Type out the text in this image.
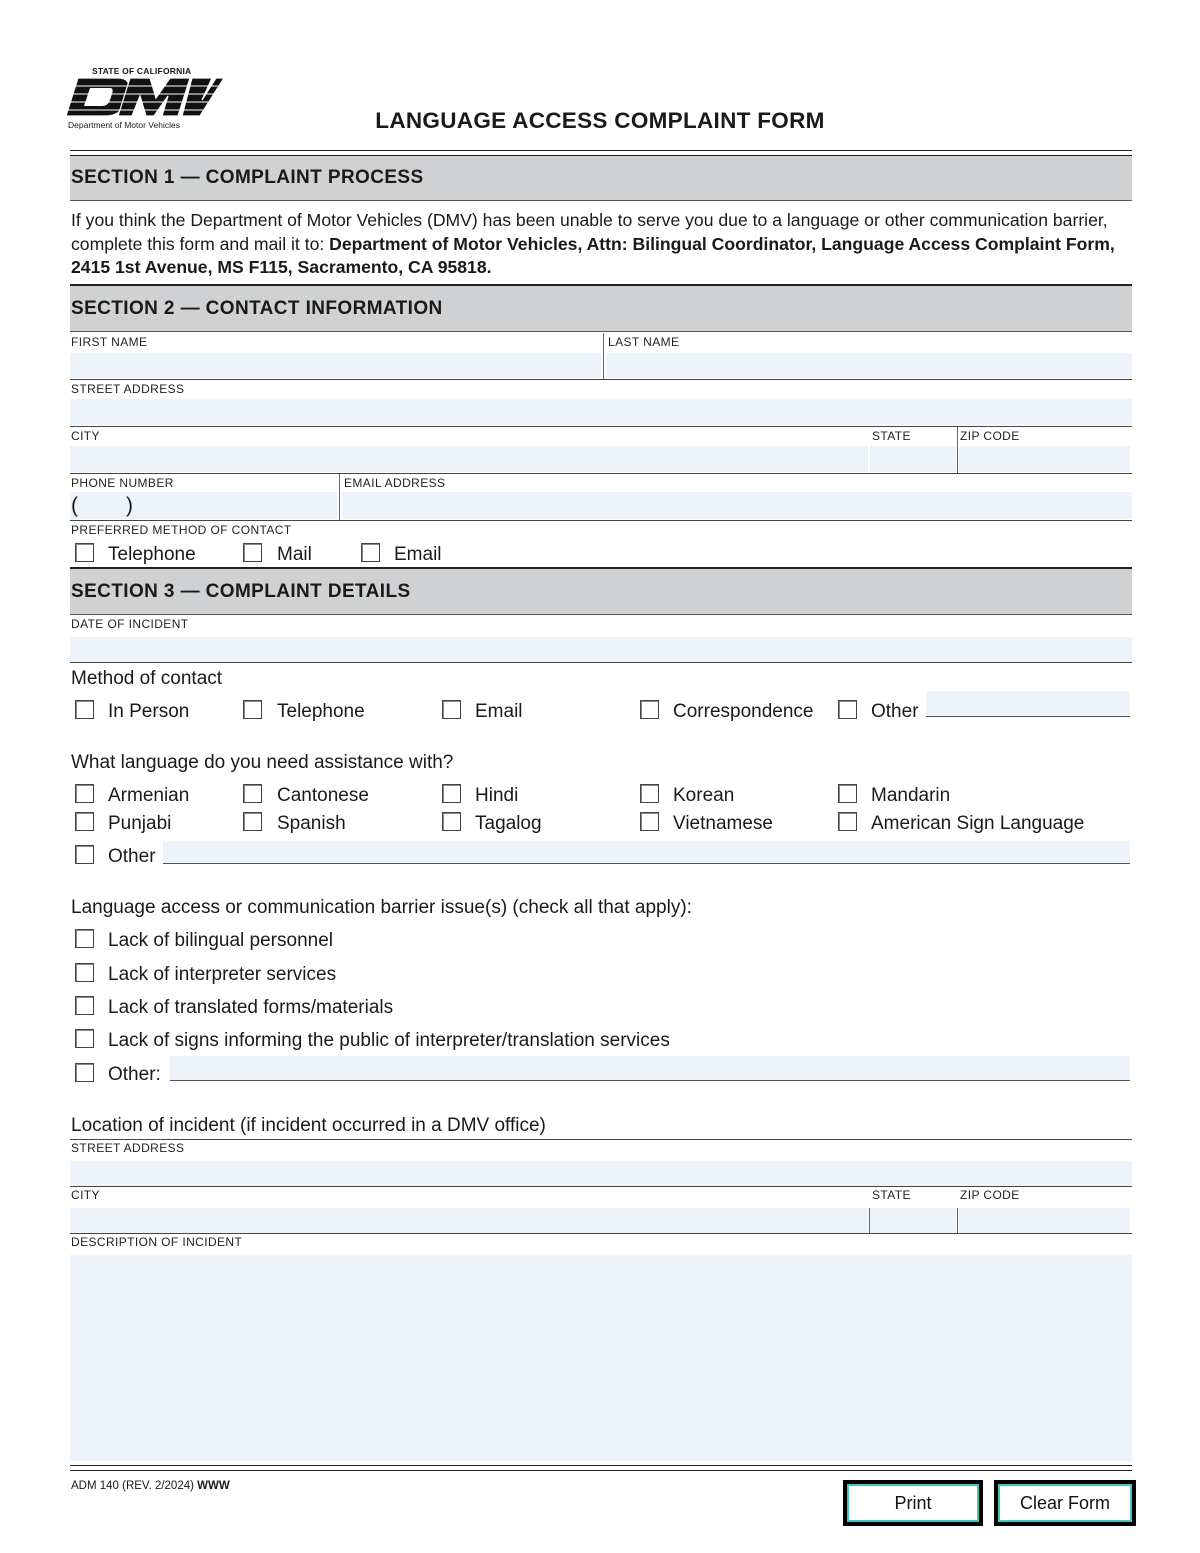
STATE OF CALIFORNIA
Department of Motor Vehicles	LANGUAGE ACCESS COMPLAINT FORM
SECTION 1 — COMPLAINT PROCESS
If you think the Department of Motor Vehicles (DMV) has been unable to serve you due to a language or other communication barrier, complete this form and mail it to: Department of Motor Vehicles, Attn: Bilingual Coordinator, Language Access Complaint Form, 2415 1st Avenue, MS F115, Sacramento, CA 95818.
SECTION 2 — CONTACT INFORMATION
FIRST NAME	LAST NAME
STREET ADDRESS
CITY	STATE	ZIP CODE
PHONE NUMBER	EMAIL ADDRESS
( )
PREFERRED METHOD OF CONTACT
Telephone	Mail	Email
SECTION 3 — COMPLAINT DETAILS
DATE OF INCIDENT
Method of contact
In Person	Telephone	Email	Correspondence	Other
What language do you need assistance with?
Armenian	Cantonese	Hindi	Korean	Mandarin
Punjabi	Spanish	Tagalog	Vietnamese	American Sign Language
Other
Language access or communication barrier issue(s) (check all that apply):
Lack of bilingual personnel
Lack of interpreter services
Lack of translated forms/materials
Lack of signs informing the public of interpreter/translation services
Other:
Location of incident (if incident occurred in a DMV office)
STREET ADDRESS
CITY	STATE	ZIP CODE
DESCRIPTION OF INCIDENT
ADM 140 (REV. 2/2024) WWW
Print	Clear Form
